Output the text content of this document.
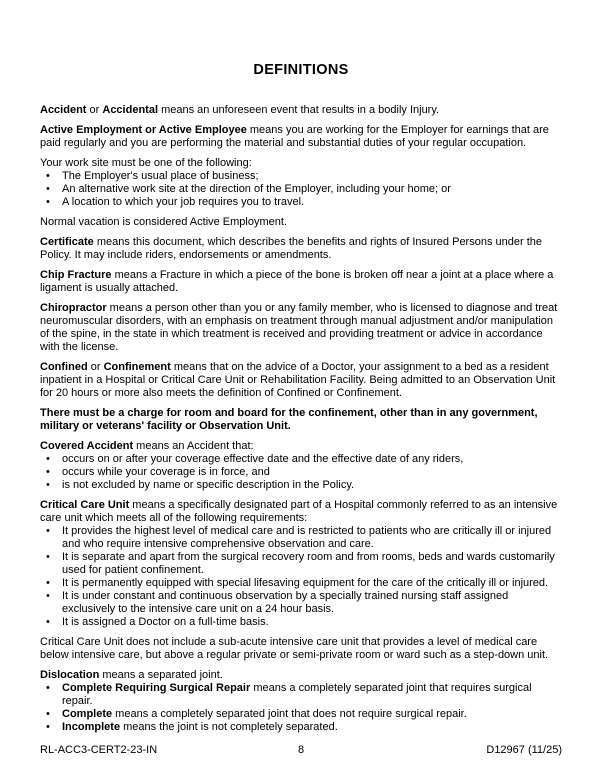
DEFINITIONS

Accident or Accidental means an unforeseen event that results in a bodily Injury.

Active Employment or Active Employee means you are working for the Employer for earnings that are paid regularly and you are performing the material and substantial duties of your regular occupation.

Your work site must be one of the following:

•	The Employer's usual place of business;
•	An alternative work site at the direction of the Employer, including your home; or
•	A location to which your job requires you to travel.

Normal vacation is considered Active Employment.

Certificate means this document, which describes the benefits and rights of Insured Persons under the Policy. It may include riders, endorsements or amendments.

Chip Fracture means a Fracture in which a piece of the bone is broken off near a joint at a place where a ligament is usually attached.

Chiropractor means a person other than you or any family member, who is licensed to diagnose and treat neuromuscular disorders, with an emphasis on treatment through manual adjustment and/or manipulation of the spine, in the state in which treatment is received and providing treatment or advice in accordance with the license.

Confined or Confinement means that on the advice of a Doctor, your assignment to a bed as a resident inpatient in a Hospital or Critical Care Unit or Rehabilitation Facility. Being admitted to an Observation Unit for 20 hours or more also meets the definition of Confined or Confinement.

There must be a charge for room and board for the confinement, other than in any government, military or veterans' facility or Observation Unit.

Covered Accident means an Accident that:

•	occurs on or after your coverage effective date and the effective date of any riders,
•	occurs while your coverage is in force, and
•	is not excluded by name or specific description in the Policy.

Critical Care Unit means a specifically designated part of a Hospital commonly referred to as an intensive care unit which meets all of the following requirements:

•	It provides the highest level of medical care and is restricted to patients who are critically ill or injured and who require intensive comprehensive observation and care.
•	It is separate and apart from the surgical recovery room and from rooms, beds and wards customarily used for patient confinement.
•	It is permanently equipped with special lifesaving equipment for the care of the critically ill or injured.
•	It is under constant and continuous observation by a specially trained nursing staff assigned exclusively to the intensive care unit on a 24 hour basis.
•	It is assigned a Doctor on a full-time basis.

Critical Care Unit does not include a sub-acute intensive care unit that provides a level of medical care below intensive care, but above a regular private or semi-private room or ward such as a step-down unit.

Dislocation means a separated joint.

•	Complete Requiring Surgical Repair means a completely separated joint that requires surgical repair.
•	Complete means a completely separated joint that does not require surgical repair.
•	Incomplete means the joint is not completely separated.
RL-ACC3-CERT2-23-IN	8	D12967 (11/25)
